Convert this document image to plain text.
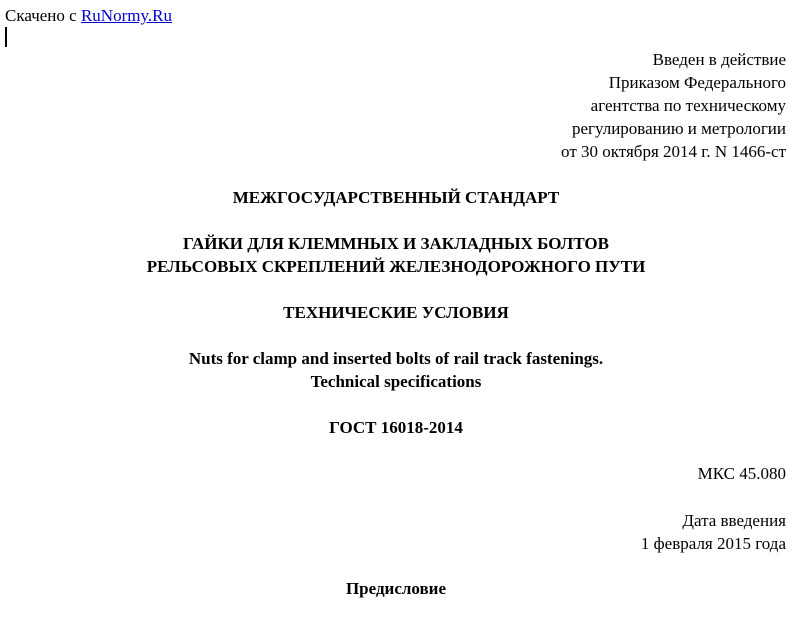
Скачено с RuNormy.Ru
Введен в действие
Приказом Федерального
агентства по техническому
регулированию и метрологии
от 30 октября 2014 г. N 1466-ст
МЕЖГОСУДАРСТВЕННЫЙ СТАНДАРТ
ГАЙКИ ДЛЯ КЛЕММНЫХ И ЗАКЛАДНЫХ БОЛТОВ
РЕЛЬСОВЫХ СКРЕПЛЕНИЙ ЖЕЛЕЗНОДОРОЖНОГО ПУТИ
ТЕХНИЧЕСКИЕ УСЛОВИЯ
Nuts for clamp and inserted bolts of rail track fastenings.
Technical specifications
ГОСТ 16018-2014
МКС 45.080
Дата введения
1 февраля 2015 года
Предисловие
